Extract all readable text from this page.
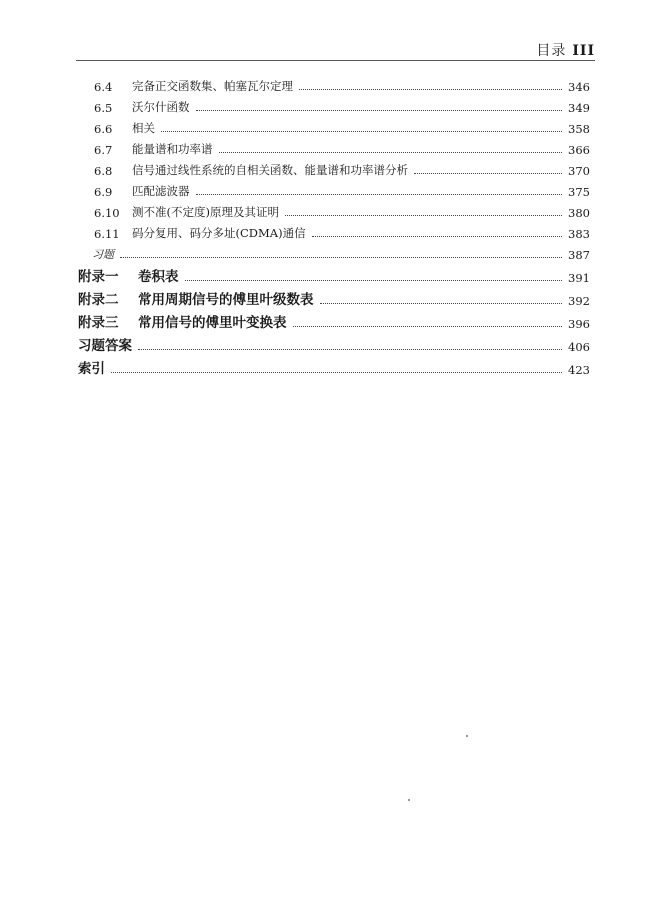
目录 III
6.4	完备正交函数集、帕塞瓦尔定理	346
6.5	沃尔什函数	349
6.6	相关	358
6.7	能量谱和功率谱	366
6.8	信号通过线性系统的自相关函数、能量谱和功率谱分析	370
6.9	匹配滤波器	375
6.10	测不准(不定度)原理及其证明	380
6.11	码分复用、码分多址(CDMA)通信	383
习题	387
附录一	卷积表	391
附录二	常用周期信号的傅里叶级数表	392
附录三	常用信号的傅里叶变换表	396
习题答案	406
索引	423
